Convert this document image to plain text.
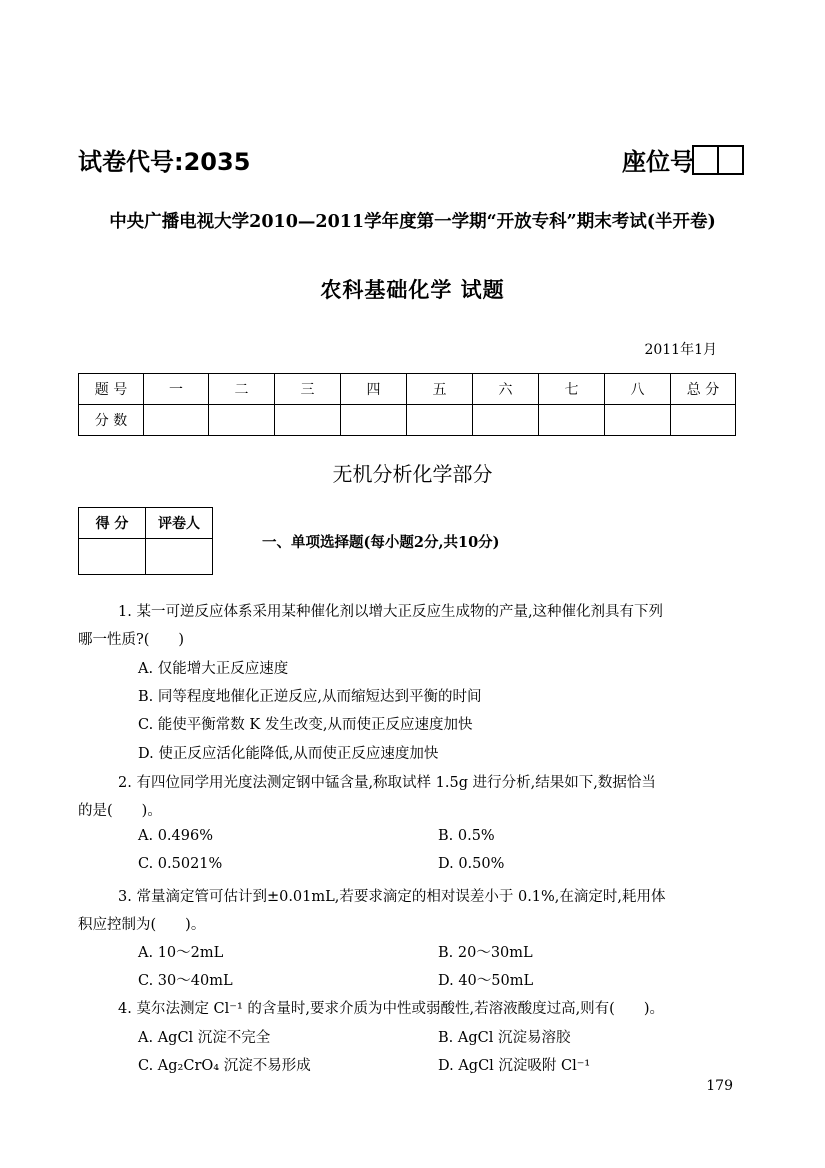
试卷代号:2035	座位号
中央广播电视大学2010—2011学年度第一学期“开放专科”期末考试(半开卷)
农科基础化学 试题
2011年1月
题 号	一	二	三	四	五	六	七	八	总 分
分 数									
无机分析化学部分
得 分	评卷人

一、单项选择题(每小题2分,共10分)
1. 某一可逆反应体系采用某种催化剂以增大正反应生成物的产量,这种催化剂具有下列
哪一性质?(　　)
A. 仅能增大正反应速度
B. 同等程度地催化正逆反应,从而缩短达到平衡的时间
C. 能使平衡常数 K 发生改变,从而使正反应速度加快
D. 使正反应活化能降低,从而使正反应速度加快
2. 有四位同学用光度法测定钢中锰含量,称取试样 1.5g 进行分析,结果如下,数据恰当
的是(　　)。
A. 0.496%	B. 0.5%
C. 0.5021%	D. 0.50%
3. 常量滴定管可估计到±0.01mL,若要求滴定的相对误差小于 0.1%,在滴定时,耗用体
积应控制为(　　)。
A. 10～2mL	B. 20～30mL
C. 30～40mL	D. 40～50mL
4. 莫尔法测定 Cl⁻¹ 的含量时,要求介质为中性或弱酸性,若溶液酸度过高,则有(　　)。
A. AgCl 沉淀不完全	B. AgCl 沉淀易溶胶
C. Ag₂CrO₄ 沉淀不易形成	D. AgCl 沉淀吸附 Cl⁻¹
179
